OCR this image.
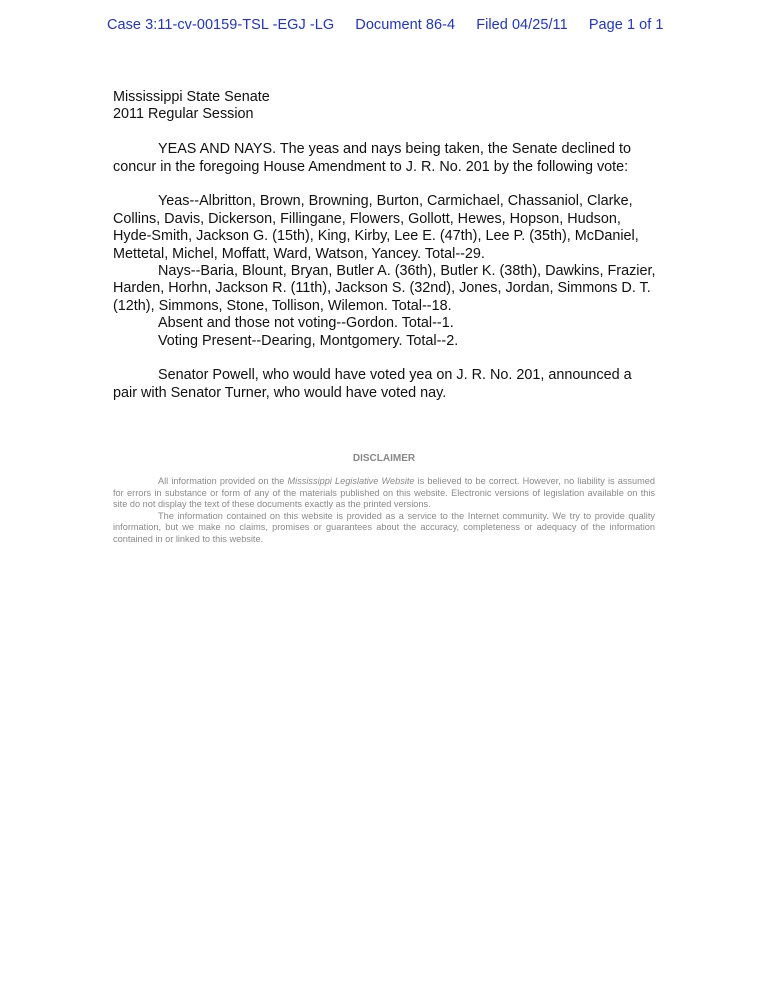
Case 3:11-cv-00159-TSL -EGJ -LG Document 86-4 Filed 04/25/11 Page 1 of 1

Mississippi State Senate

2011 Regular Session

YEAS AND NAYS. The yeas and nays being taken, the Senate declined to concur in the foregoing House Amendment to J. R. No. 201 by the following vote:

Yeas--Albritton, Brown, Browning, Burton, Carmichael, Chassaniol, Clarke, Collins, Davis, Dickerson, Fillingane, Flowers, Gollott, Hewes, Hopson, Hudson, Hyde-Smith, Jackson G. (15th), King, Kirby, Lee E. (47th), Lee P. (35th), McDaniel, Mettetal, Michel, Moffatt, Ward, Watson, Yancey. Total--29.

Nays--Baria, Blount, Bryan, Butler A. (36th), Butler K. (38th), Dawkins, Frazier, Harden, Horhn, Jackson R. (11th), Jackson S. (32nd), Jones, Jordan, Simmons D. T. (12th), Simmons, Stone, Tollison, Wilemon. Total--18.

Absent and those not voting--Gordon. Total--1.

Voting Present--Dearing, Montgomery. Total--2.

Senator Powell, who would have voted yea on J. R. No. 201, announced a pair with Senator Turner, who would have voted nay.

DISCLAIMER

All information provided on the Mississippi Legislative Website is believed to be correct. However, no liability is assumed for errors in substance or form of any of the materials published on this website. Electronic versions of legislation available on this site do not display the text of these documents exactly as the printed versions.

The information contained on this website is provided as a service to the Internet community. We try to provide quality information, but we make no claims, promises or guarantees about the accuracy, completeness or adequacy of the information contained in or linked to this website.
